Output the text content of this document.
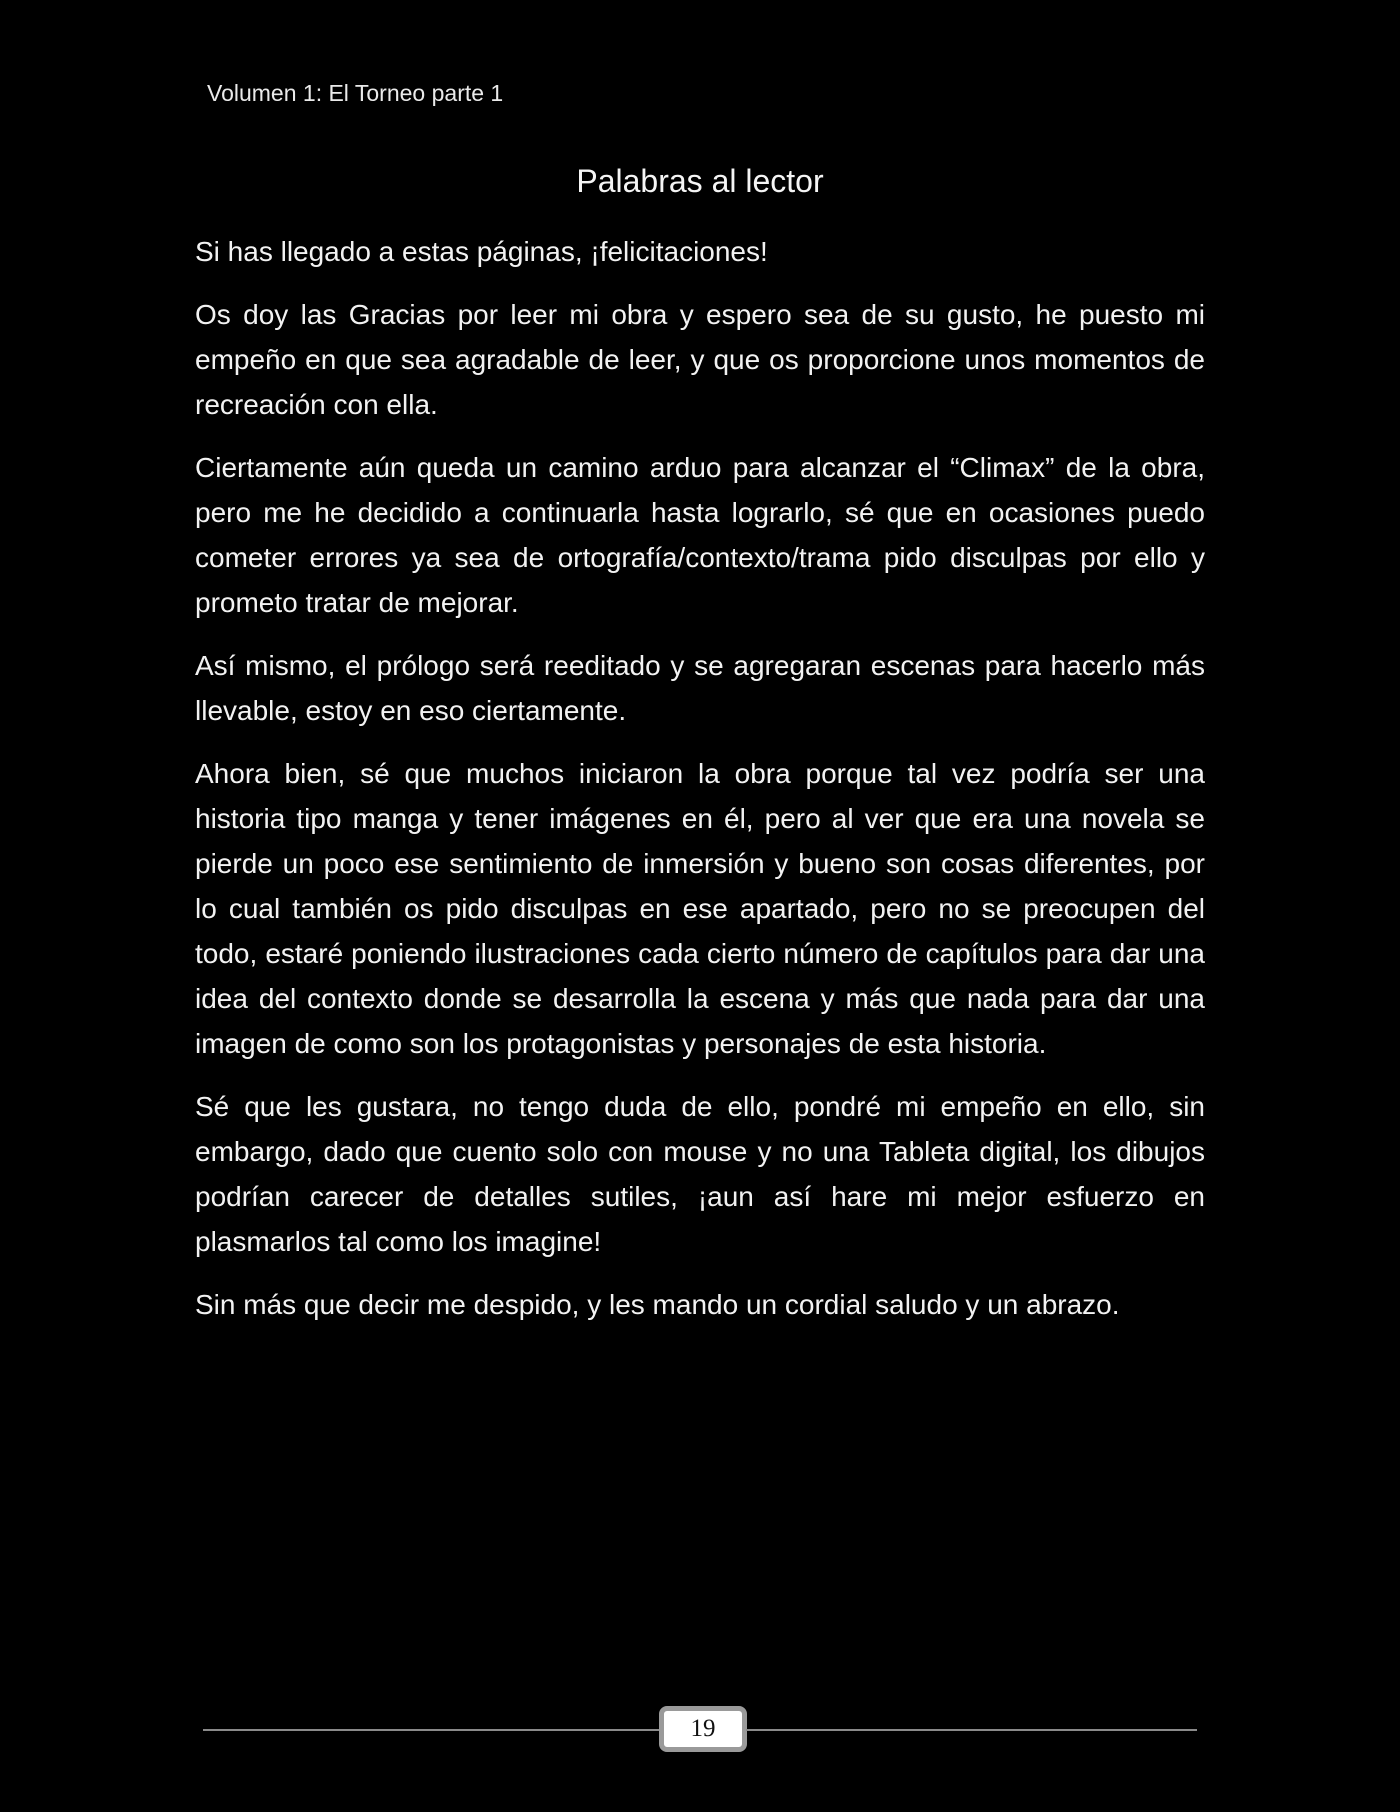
Volumen 1: El Torneo parte 1
Palabras al lector

Si has llegado a estas páginas, ¡felicitaciones!

Os doy las Gracias por leer mi obra y espero sea de su gusto, he puesto mi empeño en que sea agradable de leer, y que os proporcione unos momentos de recreación con ella.

Ciertamente aún queda un camino arduo para alcanzar el “Climax” de la obra, pero me he decidido a continuarla hasta lograrlo, sé que en ocasiones puedo cometer errores ya sea de ortografía/contexto/trama pido disculpas por ello y prometo tratar de mejorar.

Así mismo, el prólogo será reeditado y se agregaran escenas para hacerlo más llevable, estoy en eso ciertamente.

Ahora bien, sé que muchos iniciaron la obra porque tal vez podría ser una historia tipo manga y tener imágenes en él, pero al ver que era una novela se pierde un poco ese sentimiento de inmersión y bueno son cosas diferentes, por lo cual también os pido disculpas en ese apartado, pero no se preocupen del todo, estaré poniendo ilustraciones cada cierto número de capítulos para dar una idea del contexto donde se desarrolla la escena y más que nada para dar una imagen de como son los protagonistas y personajes de esta historia.

Sé que les gustara, no tengo duda de ello, pondré mi empeño en ello, sin embargo, dado que cuento solo con mouse y no una Tableta digital, los dibujos podrían carecer de detalles sutiles, ¡aun así hare mi mejor esfuerzo en plasmarlos tal como los imagine!

Sin más que decir me despido, y les mando un cordial saludo y un abrazo.

19
